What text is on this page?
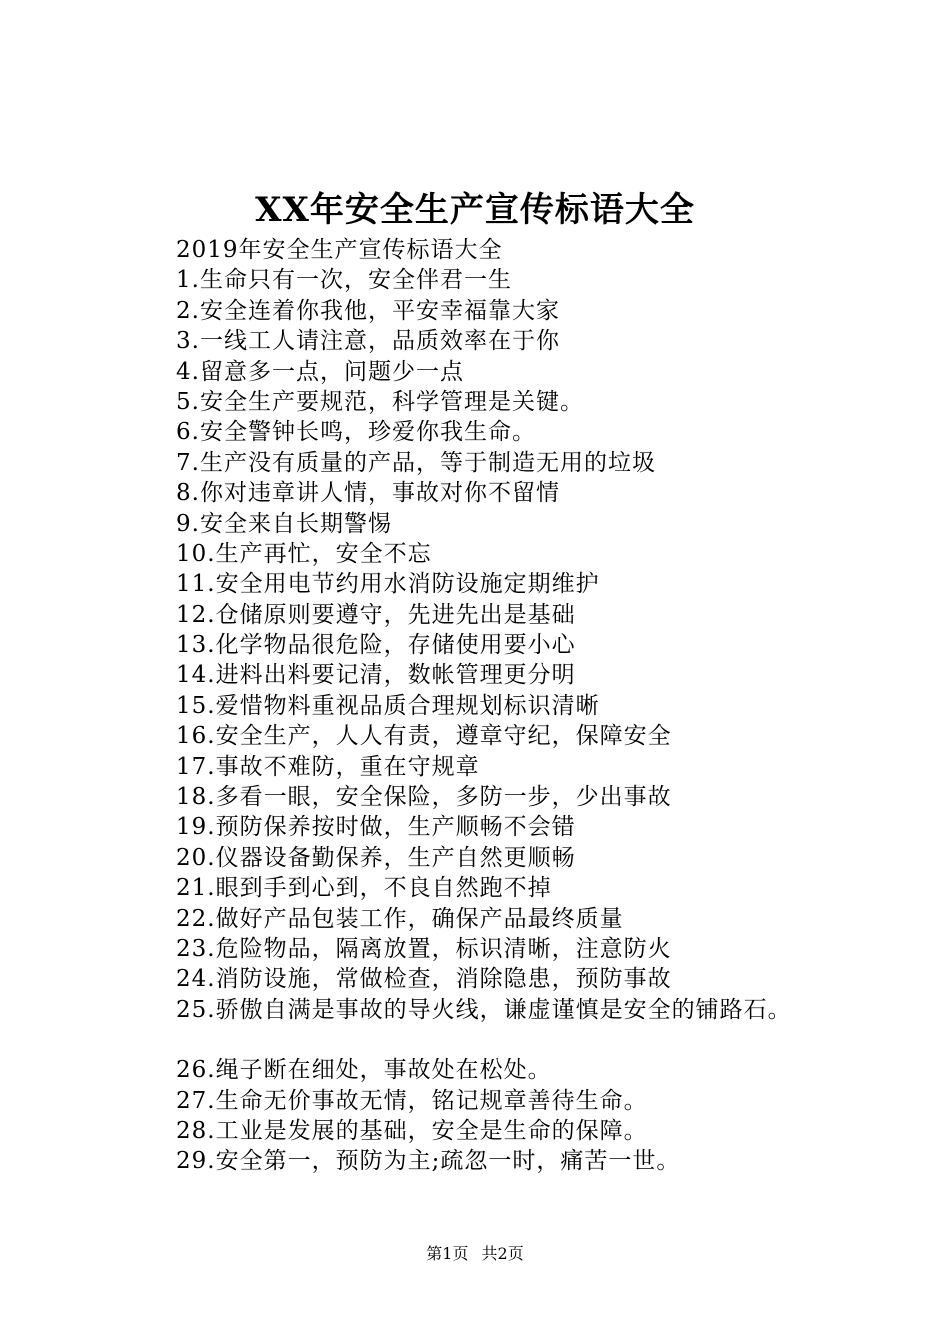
XX年安全生产宣传标语大全
2019年安全生产宣传标语大全
1.生命只有一次，安全伴君一生
2.安全连着你我他，平安幸福靠大家
3.一线工人请注意，品质效率在于你
4.留意多一点，问题少一点
5.安全生产要规范，科学管理是关键。
6.安全警钟长鸣，珍爱你我生命。
7.生产没有质量的产品，等于制造无用的垃圾
8.你对违章讲人情，事故对你不留情
9.安全来自长期警惕
10.生产再忙，安全不忘
11.安全用电节约用水消防设施定期维护
12.仓储原则要遵守，先进先出是基础
13.化学物品很危险，存储使用要小心
14.进料出料要记清，数帐管理更分明
15.爱惜物料重视品质合理规划标识清晰
16.安全生产，人人有责，遵章守纪，保障安全
17.事故不难防，重在守规章
18.多看一眼，安全保险，多防一步，少出事故
19.预防保养按时做，生产顺畅不会错
20.仪器设备勤保养，生产自然更顺畅
21.眼到手到心到，不良自然跑不掉
22.做好产品包装工作，确保产品最终质量
23.危险物品，隔离放置，标识清晰，注意防火
24.消防设施，常做检查，消除隐患，预防事故
25.骄傲自满是事故的导火线，谦虚谨慎是安全的铺路石。
26.绳子断在细处，事故处在松处。
27.生命无价事故无情，铭记规章善待生命。
28.工业是发展的基础，安全是生命的保障。
29.安全第一，预防为主;疏忽一时，痛苦一世。
第1页 共2页
